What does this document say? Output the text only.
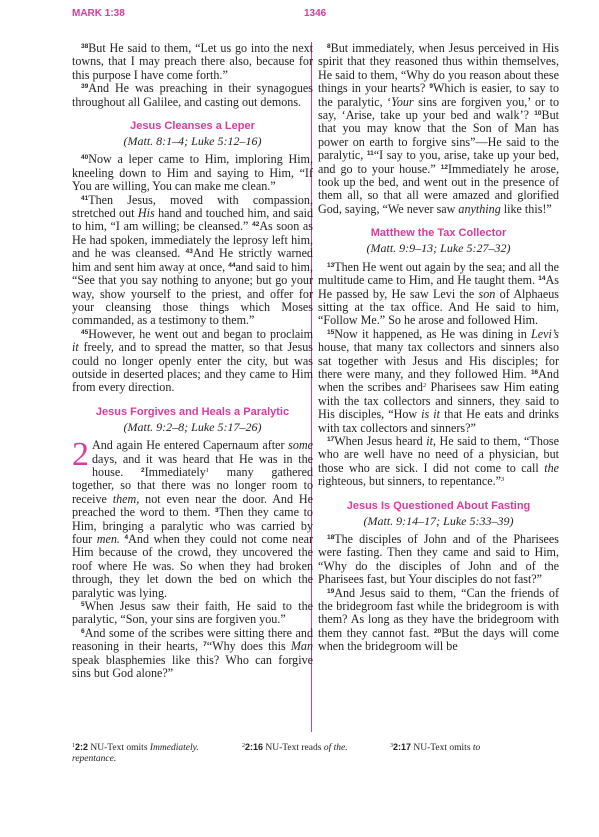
MARK 1:38	1346

$^{38}$But He said to them, “Let us go into the next towns, that I may preach there also, because for this purpose I have come forth.”

$^{39}$And He was preaching in their synagogues throughout all Galilee, and casting out demons.

Jesus Cleanses a Leper
(Matt. 8:1–4; Luke 5:12–16)

$^{40}$Now a leper came to Him, imploring Him, kneeling down to Him and saying to Him, “If You are willing, You can make me clean.”

$^{41}$Then Jesus, moved with compassion, stretched out His hand and touched him, and said to him, “I am willing; be cleansed.” $^{42}$As soon as He had spoken, immediately the leprosy left him, and he was cleansed. $^{43}$And He strictly warned him and sent him away at once, $^{44}$and said to him, “See that you say nothing to anyone; but go your way, show yourself to the priest, and offer for your cleansing those things which Moses commanded, as a testimony to them.”

$^{45}$However, he went out and began to proclaim it freely, and to spread the matter, so that Jesus could no longer openly enter the city, but was outside in deserted places; and they came to Him from every direction.

Jesus Forgives and Heals a Paralytic
(Matt. 9:2–8; Luke 5:17–26)

2 And again He entered Capernaum after some days, and it was heard that He was in the house.	$^2$Immediately$^1$ many gathered together, so that there was no longer room to receive them, not even near the door. And He preached the word to them. $^3$Then they came to Him, bringing a paralytic who was carried by four men. $^4$And when they could not come near Him because of the crowd, they uncovered the roof where He was. So when they had broken through, they let down the bed on which the paralytic was lying.

$^5$When Jesus saw their faith, He said to the paralytic, “Son, your sins are forgiven you.”

$^6$And some of the scribes were sitting there and reasoning in their hearts, $^7$“Why does this Man speak blasphemies like this? Who can forgive sins but God alone?”

$^8$But immediately, when Jesus perceived in His spirit that they reasoned thus within themselves, He said to them, “Why do you reason about these things in your hearts? $^9$Which is easier, to say to the paralytic, ‘Your sins are forgiven you,’ or to say, ‘Arise, take up your bed and walk’? $^{10}$But that you may know that the Son of Man has power on earth to forgive sins”—He said to the paralytic, $^{11}$“I say to you, arise, take up your bed, and go to your house.” $^{12}$Immediately he arose, took up the bed, and went out in the presence of them all, so that all were amazed and glorified God, saying, “We never saw anything like this!”

Matthew the Tax Collector
(Matt. 9:9–13; Luke 5:27–32)

$^{13}$Then He went out again by the sea; and all the multitude came to Him, and He taught them. $^{14}$As He passed by, He saw Levi the son of Alphaeus sitting at the tax office. And He said to him, “Follow Me.” So he arose and followed Him.

$^{15}$Now it happened, as He was dining in Levi’s house, that many tax collectors and sinners also sat together with Jesus and His disciples; for there were many, and they followed Him. $^{16}$And when the scribes and$^2$ Pharisees saw Him eating with the tax collectors and sinners, they said to His disciples, “How is it that He eats and drinks with tax collectors and sinners?”

$^{17}$When Jesus heard it, He said to them, “Those who are well have no need of a physician, but those who are sick. I did not come to call the righteous, but sinners, to repentance.”$^3$

Jesus Is Questioned About Fasting
(Matt. 9:14–17; Luke 5:33–39)

$^{18}$The disciples of John and of the Pharisees were fasting. Then they came and said to Him, “Why do the disciples of John and of the Pharisees fast, but Your disciples do not fast?”

$^{19}$And Jesus said to them, “Can the friends of the bridegroom fast while the bridegroom is with them? As long as they have the bridegroom with them they cannot fast. $^{20}$But the days will come when the bridegroom will be

$^1$2:2 NU-Text omits Immediately.
repentance.
$^2$2:16 NU-Text reads of the.	$^3$2:17 NU-Text omits to
